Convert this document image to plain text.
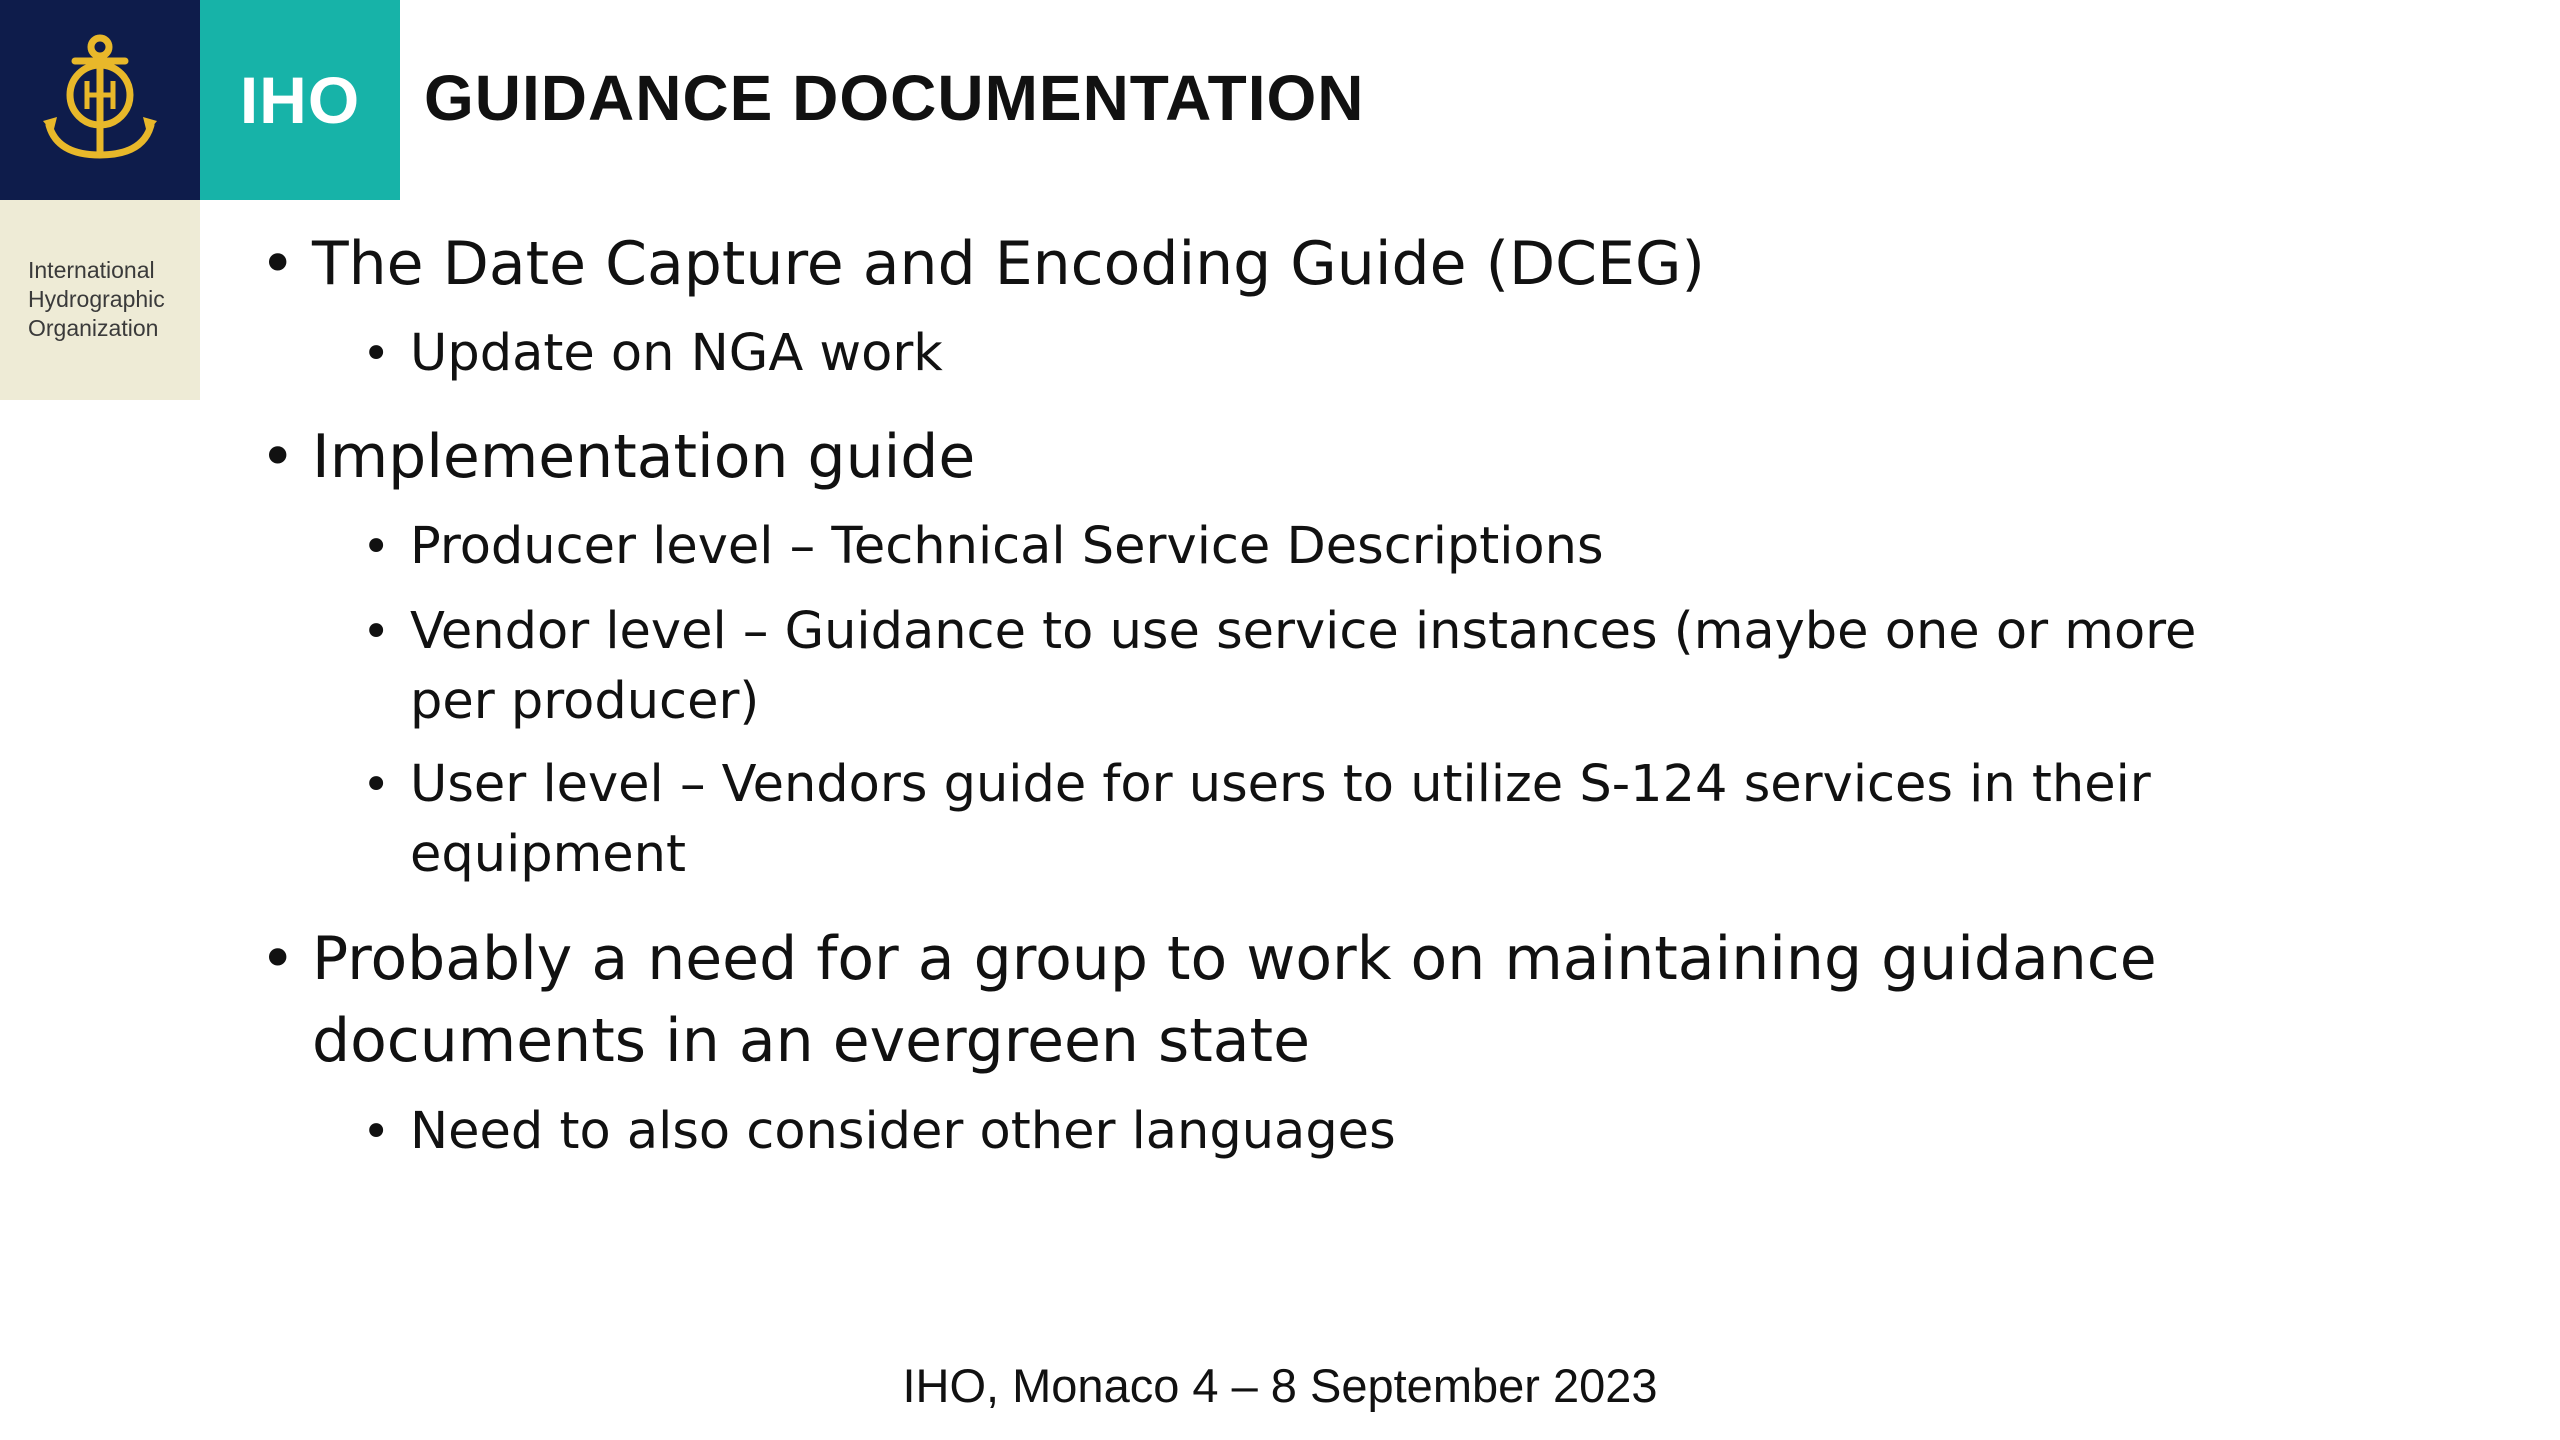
IHO
International
Hydrographic
Organization
GUIDANCE DOCUMENTATION
• The Date Capture and Encoding Guide (DCEG)
• Update on NGA work
• Implementation guide
• Producer level – Technical Service Descriptions
• Vendor level – Guidance to use service instances (maybe one or more per producer)
• User level – Vendors guide for users to utilize S-124 services in their equipment
• Probably a need for a group to work on maintaining guidance documents in an evergreen state
• Need to also consider other languages
IHO, Monaco 4 – 8 September 2023
